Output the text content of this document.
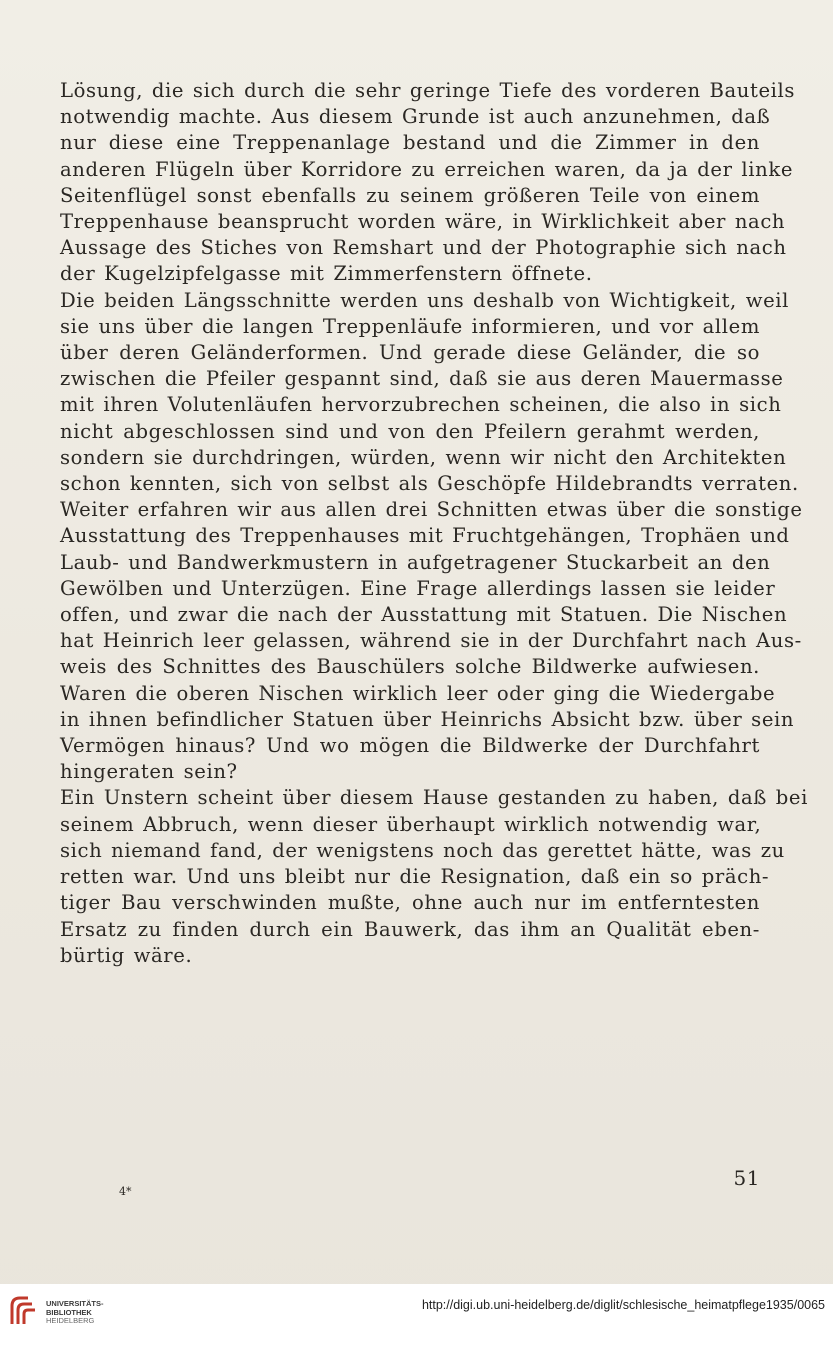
Lösung, die sich durch die sehr geringe Tiefe des vorderen Bauteils
notwendig machte. Aus diesem Grunde ist auch anzunehmen, daß
nur diese eine Treppenanlage bestand und die Zimmer in den
anderen Flügeln über Korridore zu erreichen waren, da ja der linke
Seitenflügel sonst ebenfalls zu seinem größeren Teile von einem
Treppenhause beansprucht worden wäre, in Wirklichkeit aber nach
Aussage des Stiches von Remshart und der Photographie sich nach
der Kugelzipfelgasse mit Zimmerfenstern öffnete.
Die beiden Längsschnitte werden uns deshalb von Wichtigkeit, weil
sie uns über die langen Treppenläufe informieren, und vor allem
über deren Geländerformen. Und gerade diese Geländer, die so
zwischen die Pfeiler gespannt sind, daß sie aus deren Mauermasse
mit ihren Volutenläufen hervorzubrechen scheinen, die also in sich
nicht abgeschlossen sind und von den Pfeilern gerahmt werden,
sondern sie durchdringen, würden, wenn wir nicht den Architekten
schon kennten, sich von selbst als Geschöpfe Hildebrandts verraten.
Weiter erfahren wir aus allen drei Schnitten etwas über die sonstige
Ausstattung des Treppenhauses mit Fruchtgehängen, Trophäen und
Laub- und Bandwerkmustern in aufgetragener Stuckarbeit an den
Gewölben und Unterzügen. Eine Frage allerdings lassen sie leider
offen, und zwar die nach der Ausstattung mit Statuen. Die Nischen
hat Heinrich leer gelassen, während sie in der Durchfahrt nach Aus-
weis des Schnittes des Bauschülers solche Bildwerke aufwiesen.
Waren die oberen Nischen wirklich leer oder ging die Wiedergabe
in ihnen befindlicher Statuen über Heinrichs Absicht bzw. über sein
Vermögen hinaus? Und wo mögen die Bildwerke der Durchfahrt
hingeraten sein?
Ein Unstern scheint über diesem Hause gestanden zu haben, daß bei
seinem Abbruch, wenn dieser überhaupt wirklich notwendig war,
sich niemand fand, der wenigstens noch das gerettet hätte, was zu
retten war. Und uns bleibt nur die Resignation, daß ein so präch-
tiger Bau verschwinden mußte, ohne auch nur im entferntesten
Ersatz zu finden durch ein Bauwerk, das ihm an Qualität eben-
bürtig wäre.
51
4*
UNIVERSITÄTS-
BIBLIOTHEK
HEIDELBERG
http://digi.ub.uni-heidelberg.de/diglit/schlesische_heimatpflege1935/0065
